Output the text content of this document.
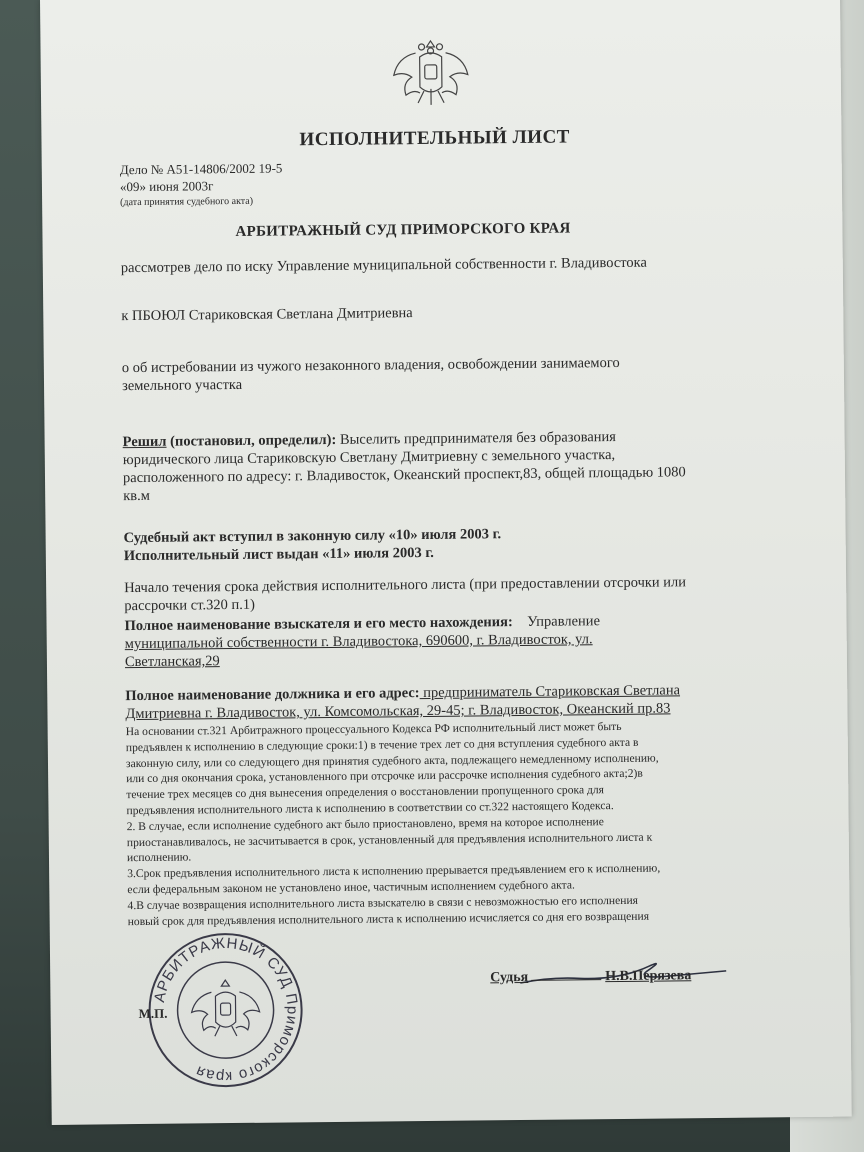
ИСПОЛНИТЕЛЬНЫЙ ЛИСТ
Дело № А51-14806/2002 19-5
«09» июня 2003г
(дата принятия судебного акта)
АРБИТРАЖНЫЙ СУД ПРИМОРСКОГО КРАЯ
рассмотрев дело по иску Управление муниципальной собственности г. Владивостока
к ПБОЮЛ Стариковская Светлана Дмитриевна
о об истребовании из чужого незаконного владения, освобождении занимаемого
земельного участка
Решил (постановил, определил): Выселить предпринимателя без образования
юридического лица Стариковскую Светлану Дмитриевну с земельного участка,
расположенного по адресу: г. Владивосток, Океанский проспект,83, общей площадью 1080
кв.м
Судебный акт вступил в законную силу «10» июля 2003 г.
Исполнительный лист выдан «11» июля 2003 г.
Начало течения срока действия исполнительного листа (при предоставлении отсрочки или
рассрочки ст.320 п.1)
Полное наименование взыскателя и его место нахождения: Управление
муниципальной собственности г. Владивостока, 690600, г. Владивосток, ул.
Светланская,29
Полное наименование должника и его адрес: предприниматель Стариковская Светлана
Дмитриевна г. Владивосток, ул. Комсомольская, 29-45; г. Владивосток, Океанский пр.83
На основании ст.321 Арбитражного процессуального Кодекса РФ исполнительный лист может быть
предъявлен к исполнению в следующие сроки:1) в течение трех лет со дня вступления судебного акта в
законную силу, или со следующего дня принятия судебного акта, подлежащего немедленному исполнению,
или со дня окончания срока, установленного при отсрочке или рассрочке исполнения судебного акта;2)в
течение трех месяцев со дня вынесения определения о восстановлении пропущенного срока для
предъявления исполнительного листа к исполнению в соответствии со ст.322 настоящего Кодекса.
2. В случае, если исполнение судебного акт было приостановлено, время на которое исполнение
приостанавливалось, не засчитывается в срок, установленный для предъявления исполнительного листа к
исполнению.
3.Срок предъявления исполнительного листа к исполнению прерывается предъявлением его к исполнению,
если федеральным законом не установлено иное, частичным исполнением судебного акта.
4.В случае возвращения исполнительного листа взыскателю в связи с невозможностью его исполнения
новый срок для предъявления исполнительного листа к исполнению исчисляется со дня его возвращения
АРБИТРАЖНЫЙ СУД Приморского края
М.П.
Судья	Н.В.Перязева
